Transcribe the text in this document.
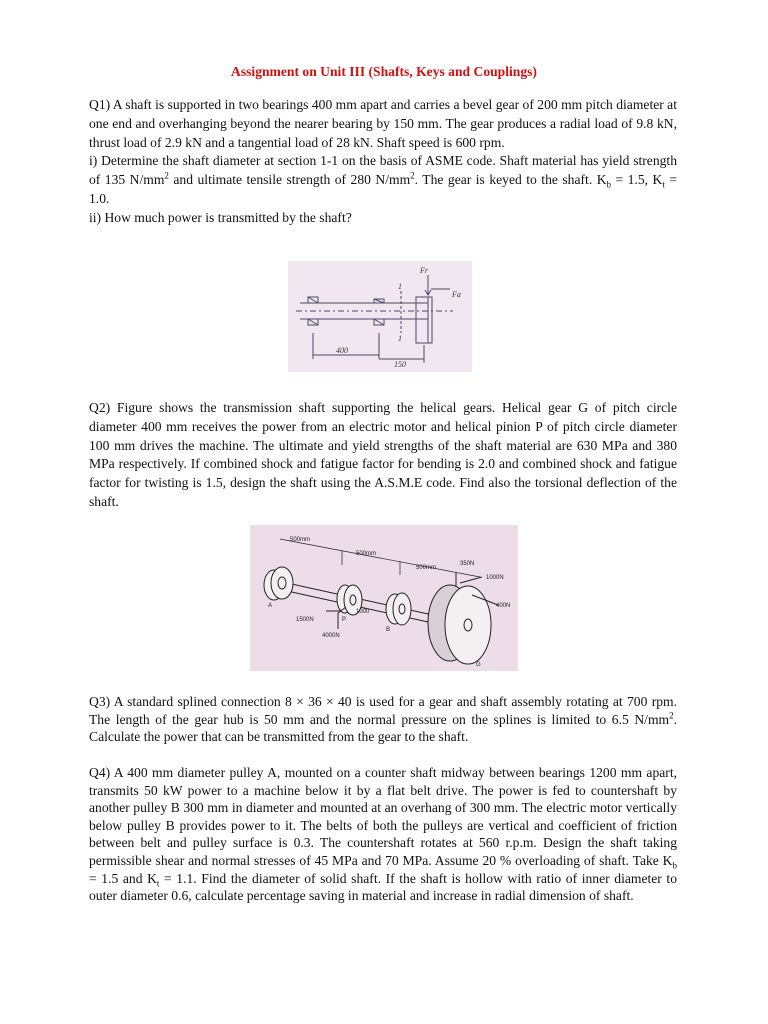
Assignment on Unit III (Shafts, Keys and Couplings)
Q1) A shaft is supported in two bearings 400 mm apart and carries a bevel gear of 200 mm pitch diameter at one end and overhanging beyond the nearer bearing by 150 mm. The gear produces a radial load of 9.8 kN, thrust load of 2.9 kN and a tangential load of 28 kN. Shaft speed is 600 rpm.
i) Determine the shaft diameter at section 1-1 on the basis of ASME code. Shaft material has yield strength of 135 $N/mm^2$ and ultimate tensile strength of 280 $N/mm^2$. The gear is keyed to the shaft. $K_b = 1.5$, $K_t = 1.0$.
ii) How much power is transmitted by the shaft?
Fr
Fa
400
150
1
1
Q2) Figure shows the transmission shaft supporting the helical gears. Helical gear G of pitch circle diameter 400 mm receives the power from an electric motor and helical pinion P of pitch circle diameter 100 mm drives the machine. The ultimate and yield strengths of the shaft material are 630 MPa and 380 MPa respectively. If combined shock and fatigue factor for bending is 2.0 and combined shock and fatigue factor for twisting is 1.5, design the shaft using the A.S.M.E code. Find also the torsional deflection of the shaft.
500mm
500mm
500mm
350N
1000N
400N
1000
1500N
4000N
A
P
B
G
Q3) A standard splined connection 8 × 36 × 40 is used for a gear and shaft assembly rotating at 700 rpm. The length of the gear hub is 50 mm and the normal pressure on the splines is limited to 6.5 $N/mm^2$. Calculate the power that can be transmitted from the gear to the shaft.
Q4) A 400 mm diameter pulley A, mounted on a counter shaft midway between bearings 1200 mm apart, transmits 50 kW power to a machine below it by a flat belt drive. The power is fed to countershaft by another pulley B 300 mm in diameter and mounted at an overhang of 300 mm. The electric motor vertically below pulley B provides power to it. The belts of both the pulleys are vertical and coefficient of friction between belt and pulley surface is 0.3. The countershaft rotates at 560 r.p.m. Design the shaft taking permissible shear and normal stresses of 45 MPa and 70 MPa. Assume 20 % overloading of shaft. Take $K_b = 1.5$ and $K_t = 1.1$. Find the diameter of solid shaft. If the shaft is hollow with ratio of inner diameter to outer diameter 0.6, calculate percentage saving in material and increase in radial dimension of shaft.
